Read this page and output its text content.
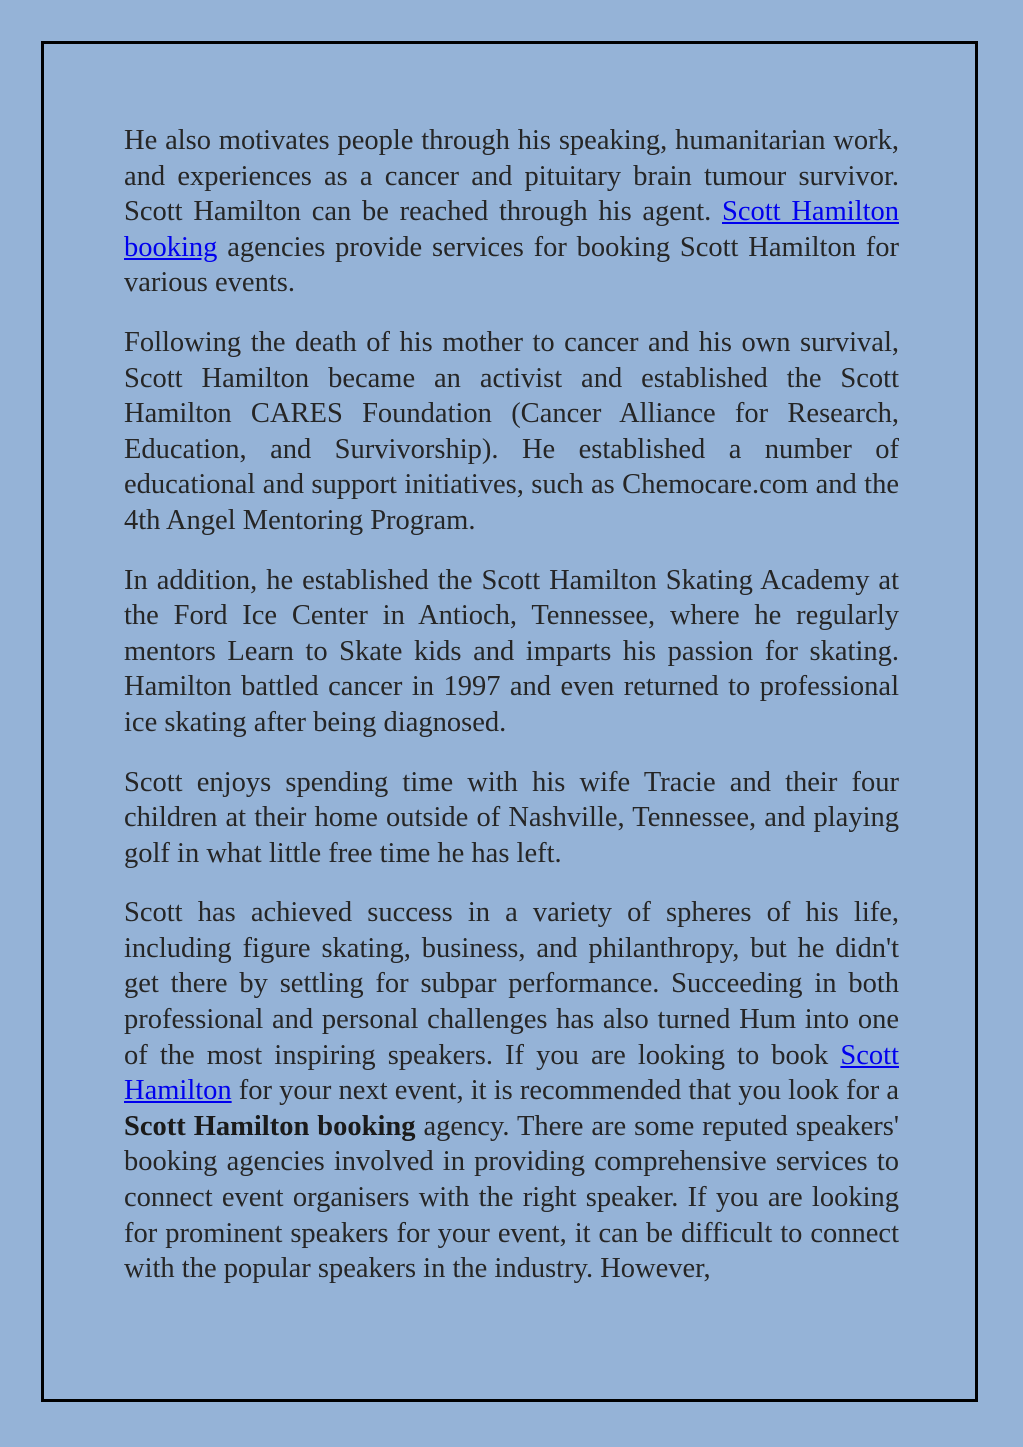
He also motivates people through his speaking, humanitarian work, and experiences as a cancer and pituitary brain tumour survivor. Scott Hamilton can be reached through his agent. Scott Hamilton booking agencies provide services for booking Scott Hamilton for various events.

Following the death of his mother to cancer and his own survival, Scott Hamilton became an activist and established the Scott Hamilton CARES Foundation (Cancer Alliance for Research, Education, and Survivorship). He established a number of educational and support initiatives, such as Chemocare.com and the 4th Angel Mentoring Program.

In addition, he established the Scott Hamilton Skating Academy at the Ford Ice Center in Antioch, Tennessee, where he regularly mentors Learn to Skate kids and imparts his passion for skating. Hamilton battled cancer in 1997 and even returned to professional ice skating after being diagnosed.

Scott enjoys spending time with his wife Tracie and their four children at their home outside of Nashville, Tennessee, and playing golf in what little free time he has left.

Scott has achieved success in a variety of spheres of his life, including figure skating, business, and philanthropy, but he didn't get there by settling for subpar performance. Succeeding in both professional and personal challenges has also turned Hum into one of the most inspiring speakers. If you are looking to book Scott Hamilton for your next event, it is recommended that you look for a Scott Hamilton booking agency. There are some reputed speakers' booking agencies involved in providing comprehensive services to connect event organisers with the right speaker. If you are looking for prominent speakers for your event, it can be difficult to connect with the popular speakers in the industry. However,
